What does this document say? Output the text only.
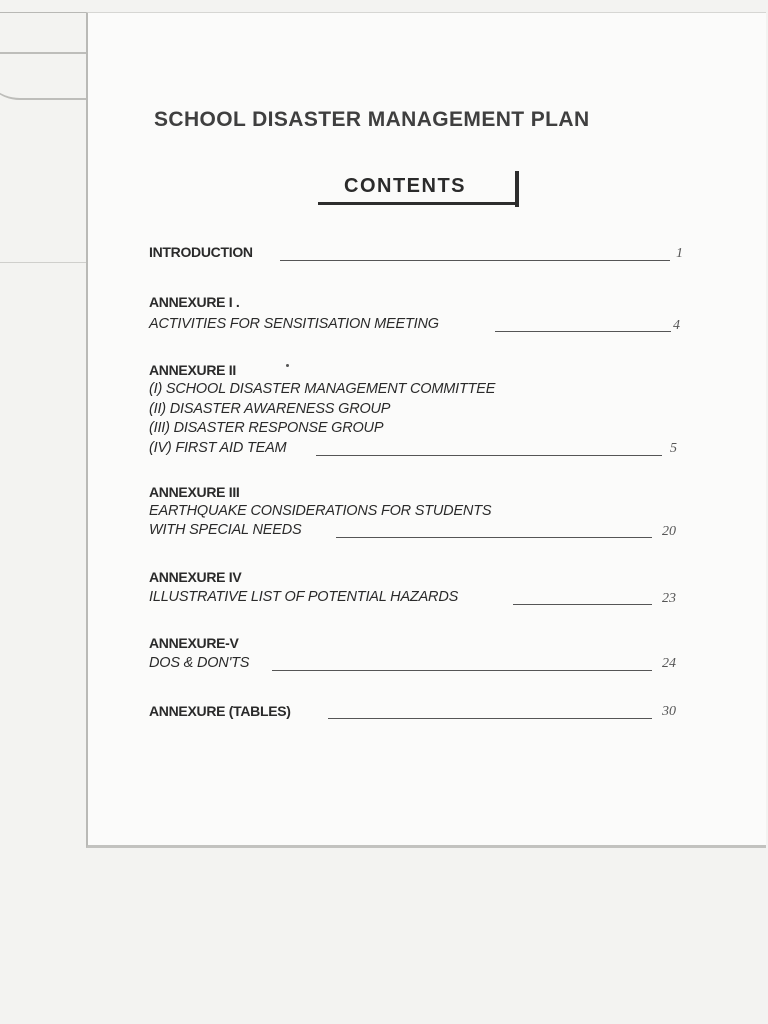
SCHOOL DISASTER MANAGEMENT PLAN
CONTENTS
INTRODUCTION	1
ANNEXURE I .
ACTIVITIES FOR SENSITISATION MEETING	4
ANNEXURE II
(I) SCHOOL DISASTER MANAGEMENT COMMITTEE
(II) DISASTER AWARENESS GROUP
(III) DISASTER RESPONSE GROUP
(IV) FIRST AID TEAM	5
ANNEXURE III
EARTHQUAKE CONSIDERATIONS FOR STUDENTS
WITH SPECIAL NEEDS	20
ANNEXURE IV
ILLUSTRATIVE LIST OF POTENTIAL HAZARDS	23
ANNEXURE-V
DOS & DON'TS	24
ANNEXURE (TABLES)	30
